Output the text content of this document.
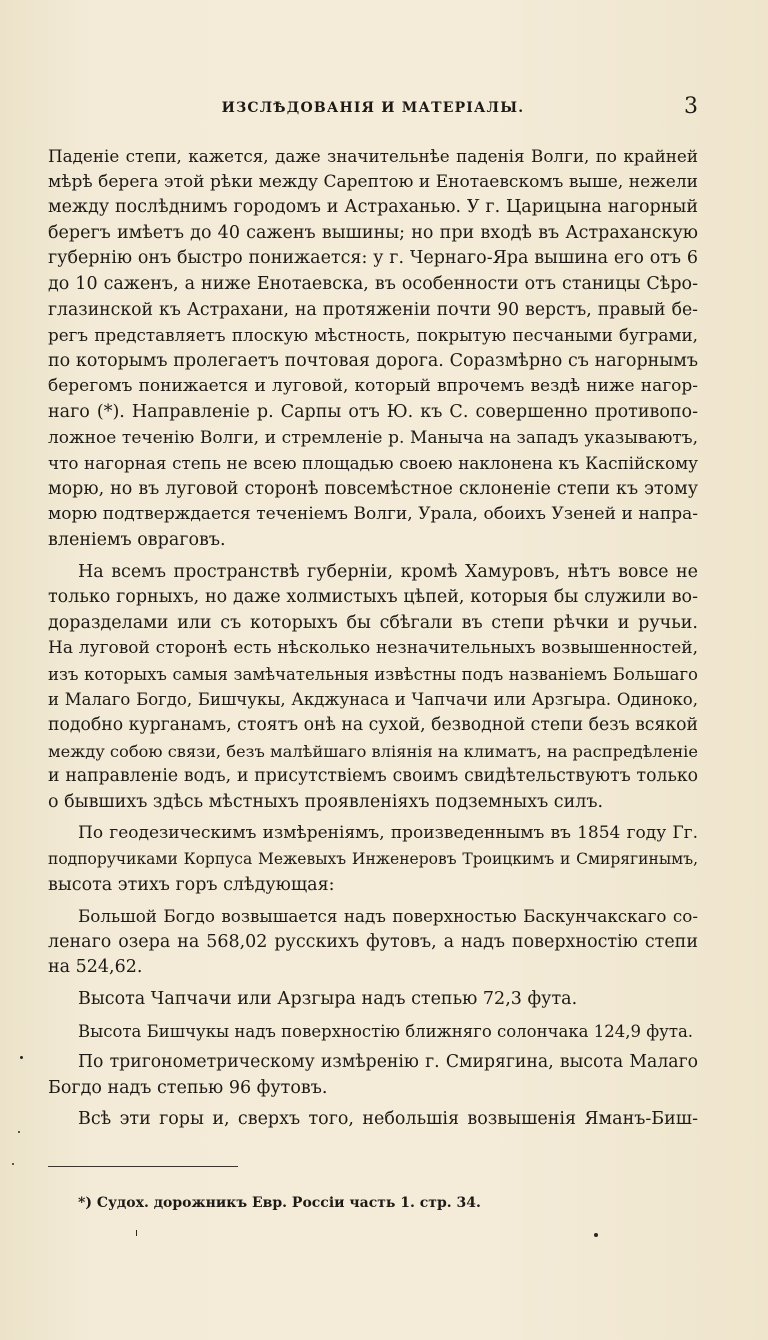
ИЗСЛѢДОВАНІЯ И МАТЕРІАЛЫ.	3
Паденіе степи, кажется, даже значительнѣе паденія Волги, по крайней
мѣрѣ берега этой рѣки между Сарептою и Енотаевскомъ выше, нежели
между послѣднимъ городомъ и Астраханью. У г. Царицына нагорный
берегъ имѣетъ до 40 саженъ вышины; но при входѣ въ Астраханскую
губернію онъ быстро понижается: у г. Чернаго-Яра вышина его отъ 6
до 10 саженъ, а ниже Енотаевска, въ особенности отъ станицы Сѣро-
глазинской къ Астрахани, на протяженіи почти 90 верстъ, правый бе-
регъ представляетъ плоскую мѣстность, покрытую песчаными буграми,
по которымъ пролегаетъ почтовая дорога. Соразмѣрно съ нагорнымъ
берегомъ понижается и луговой, который впрочемъ вездѣ ниже нагор-
наго (*). Направленіе р. Сарпы отъ Ю. къ С. совершенно противопо-
ложное теченію Волги, и стремленіе р. Маныча на западъ указываютъ,
что нагорная степь не всею площадью своею наклонена къ Каспійскому
морю, но въ луговой сторонѣ повсемѣстное склоненіе степи къ этому
морю подтверждается теченіемъ Волги, Урала, обоихъ Узеней и напра-
вленіемъ овраговъ.
На всемъ пространствѣ губерніи, кромѣ Хамуровъ, нѣтъ вовсе не
только горныхъ, но даже холмистыхъ цѣпей, которыя бы служили во-
доразделами или съ которыхъ бы сбѣгали въ степи рѣчки и ручьи.
На луговой сторонѣ есть нѣсколько незначительныхъ возвышенностей,
изъ которыхъ самыя замѣчательныя извѣстны подъ названіемъ Большаго
и Малаго Богдо, Бишчукы, Акджунаса и Чапчачи или Арзгыра. Одиноко,
подобно курганамъ, стоятъ онѣ на сухой, безводной степи безъ всякой
между собою связи, безъ малѣйшаго вліянія на климатъ, на распредѣленіе
и направленіе водъ, и присутствіемъ своимъ свидѣтельствуютъ только
о бывшихъ здѣсь мѣстныхъ проявленіяхъ подземныхъ силъ.
По геодезическимъ измѣреніямъ, произведеннымъ въ 1854 году Гг.
подпоручиками Корпуса Межевыхъ Инженеровъ Троицкимъ и Смирягинымъ,
высота этихъ горъ слѣдующая:
Большой Богдо возвышается надъ поверхностью Баскунчакскаго со-
ленаго озера на 568,02 русскихъ футовъ, а надъ поверхностію степи
на 524,62.
Высота Чапчачи или Арзгыра надъ степью 72,3 фута.
Высота Бишчукы надъ поверхностію ближняго солончака 124,9 фута.
По тригонометрическому измѣренію г. Смирягина, высота Малаго
Богдо надъ степью 96 футовъ.
Всѣ эти горы и, сверхъ того, небольшія возвышенія Яманъ-Биш-
*) Судох. дорожникъ Евр. Россіи часть 1. стр. 34.
